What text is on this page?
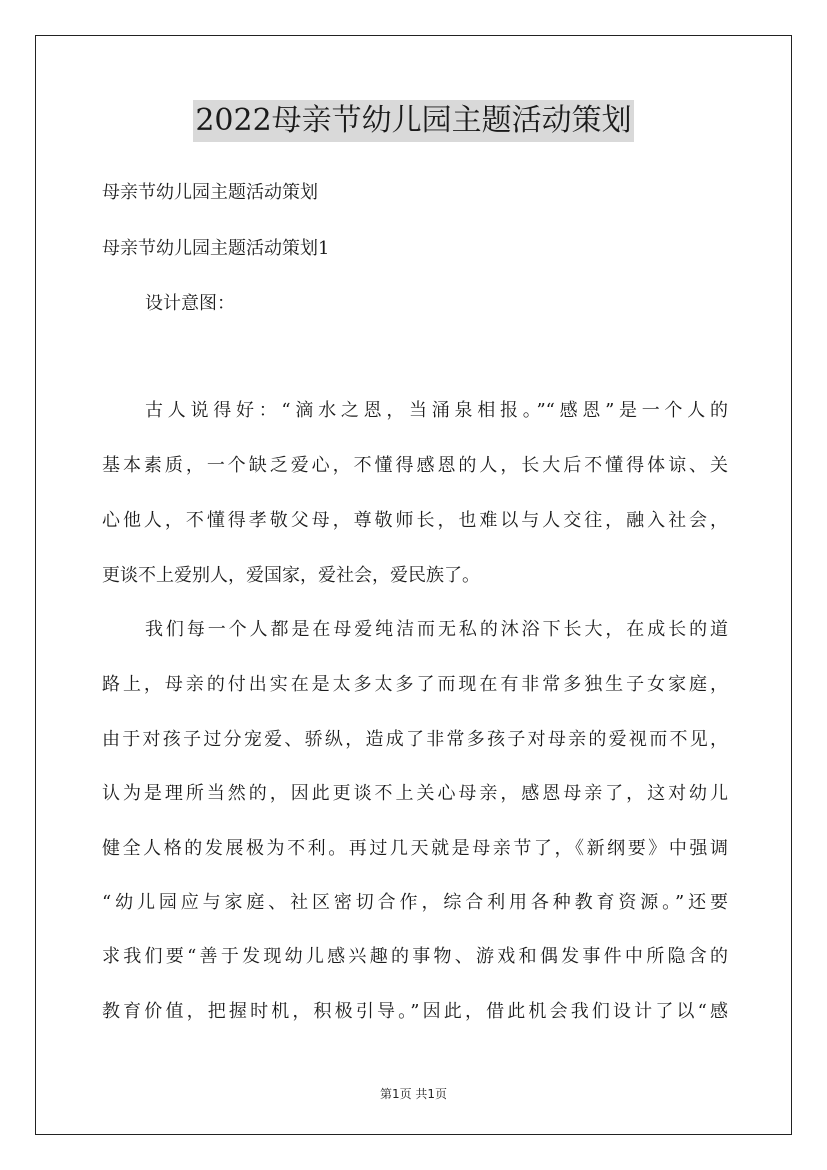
2022母亲节幼儿园主题活动策划
母亲节幼儿园主题活动策划
母亲节幼儿园主题活动策划1
设计意图：
古人说得好：“滴水之恩，当涌泉相报。”“感恩”是一个人的
基本素质，一个缺乏爱心，不懂得感恩的人，长大后不懂得体谅、关
心他人，不懂得孝敬父母，尊敬师长，也难以与人交往，融入社会，
更谈不上爱别人，爱国家，爱社会，爱民族了。
我们每一个人都是在母爱纯洁而无私的沐浴下长大，在成长的道
路上，母亲的付出实在是太多太多了而现在有非常多独生子女家庭，
由于对孩子过分宠爱、骄纵，造成了非常多孩子对母亲的爱视而不见，
认为是理所当然的，因此更谈不上关心母亲，感恩母亲了，这对幼儿
健全人格的发展极为不利。再过几天就是母亲节了，《新纲要》中强调
“幼儿园应与家庭、社区密切合作，综合利用各种教育资源。”还要
求我们要“善于发现幼儿感兴趣的事物、游戏和偶发事件中所隐含的
教育价值，把握时机，积极引导。”因此，借此机会我们设计了以“感
第1页 共1页
